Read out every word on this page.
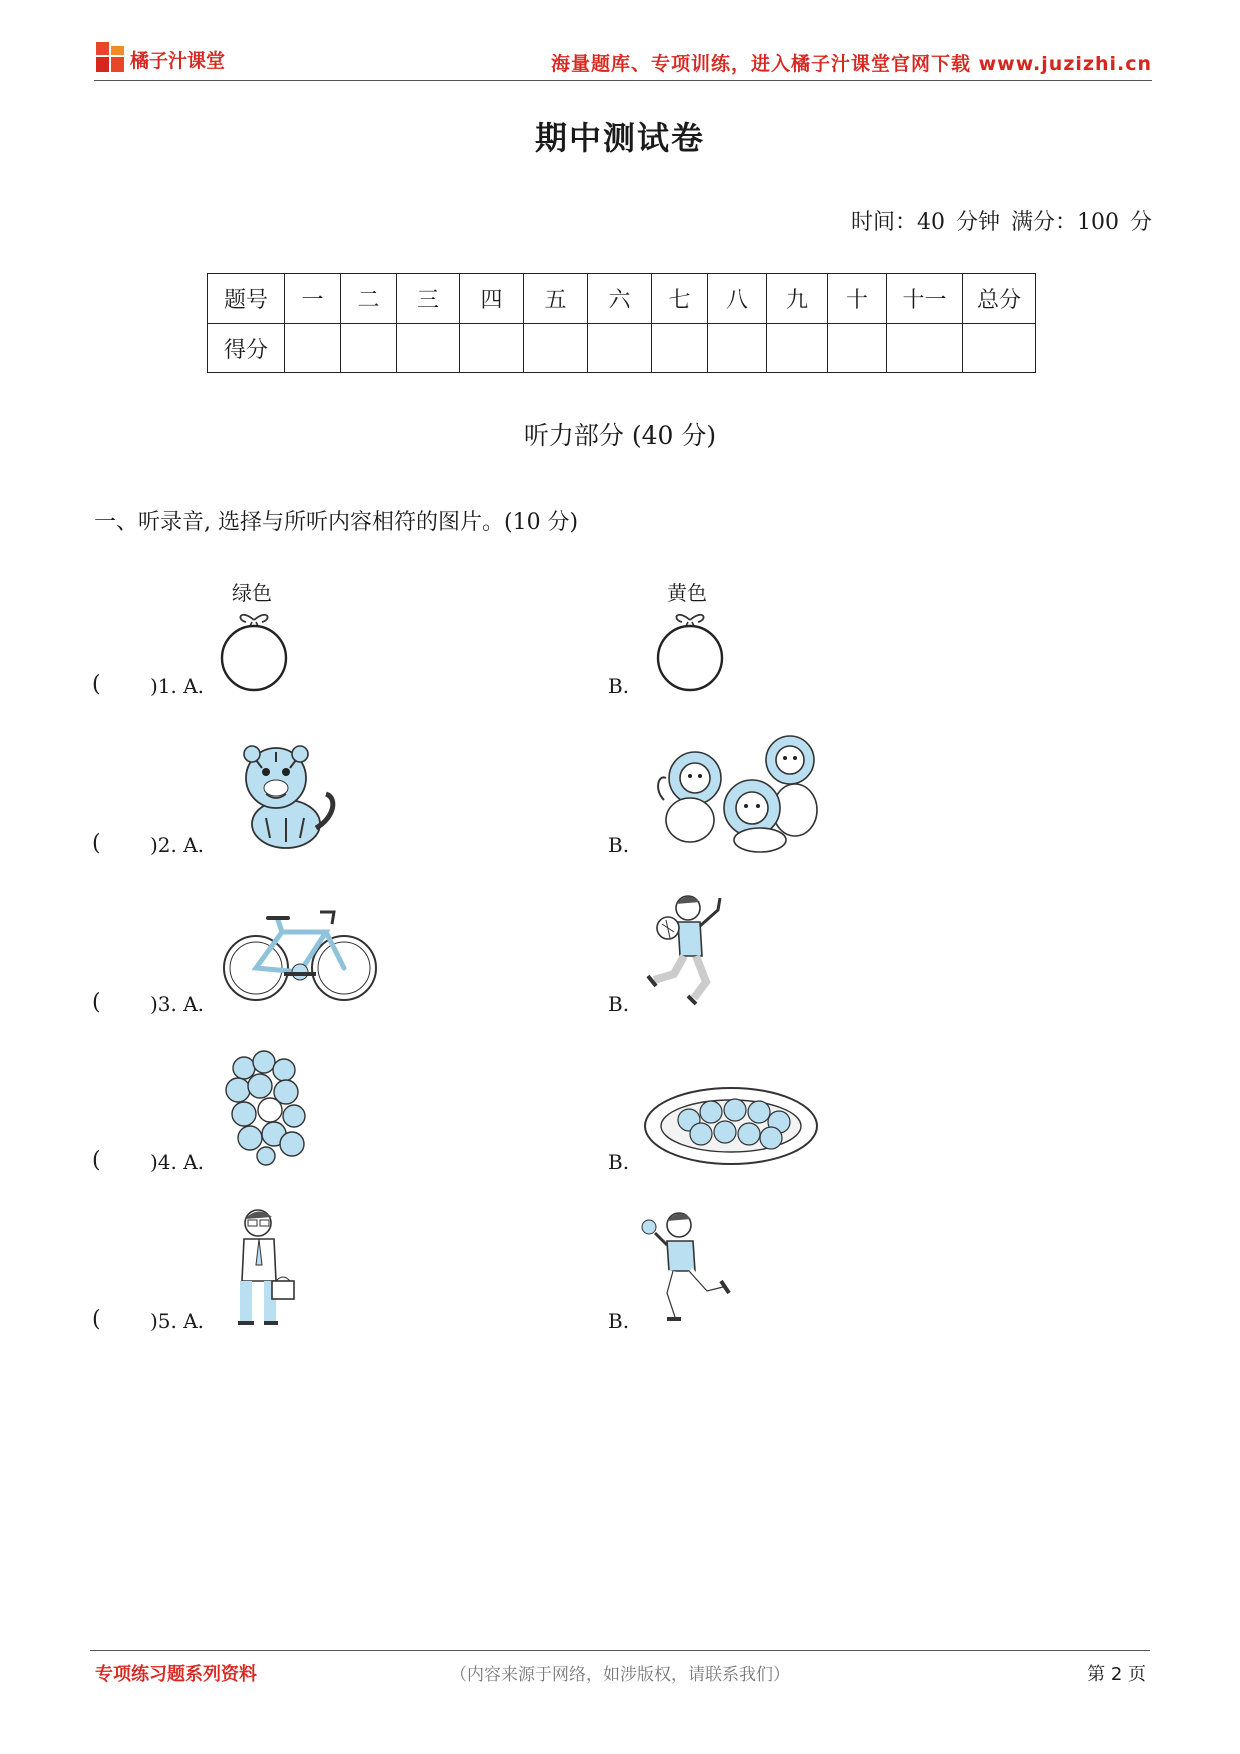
橘子汁课堂	海量题库、专项训练，进入橘子汁课堂官网下载 www.juzizhi.cn
期中测试卷
时间：40 分钟 满分：100 分
题号	一	二	三	四	五	六	七	八	九	十	十一	总分
得分												
听力部分 (40 分)
一、听录音, 选择与所听内容相符的图片。(10 分)
( )1. A.
绿色
B.
黄色
( )2. A.	B.
( )3. A.	B.
( )4. A.	B.
( )5. A.	B.
专项练习题系列资料	（内容来源于网络，如涉版权，请联系我们）	第 2 页
